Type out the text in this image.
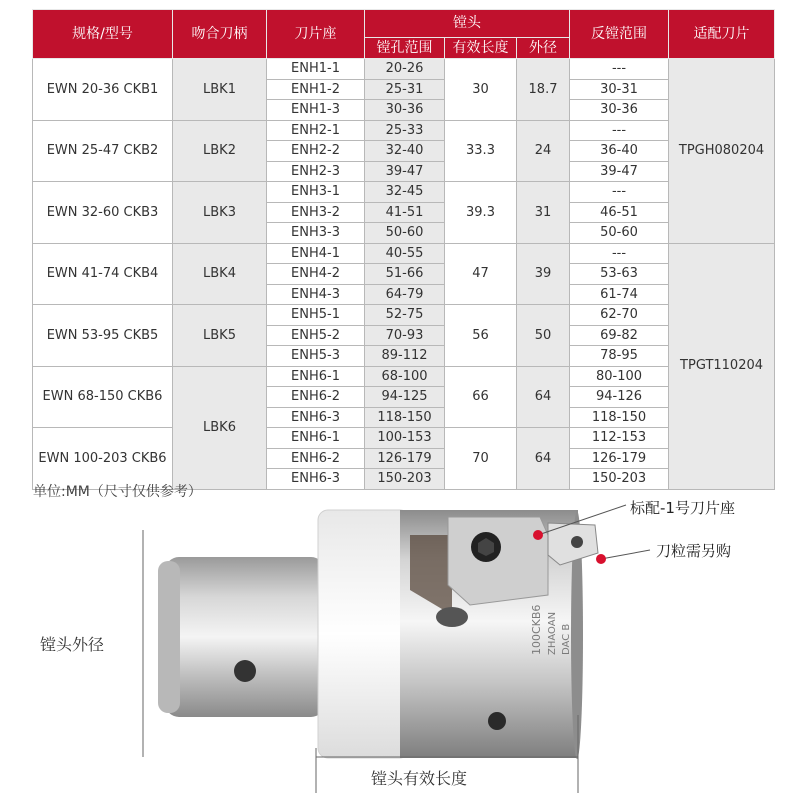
规格/型号	吻合刀柄	刀片座	镗头			反镗范围	适配刀片
			镗孔范围	有效长度	外径		
EWN 20-36 CKB1	LBK1	ENH1-1	20-26	30	18.7	---	TPGH080204
		ENH1-2	25-31			30-31	
		ENH1-3	30-36			30-36	
EWN 25-47 CKB2	LBK2	ENH2-1	25-33	33.3	24	---	
		ENH2-2	32-40			36-40	
		ENH2-3	39-47			39-47	
EWN 32-60 CKB3	LBK3	ENH3-1	32-45	39.3	31	---	
		ENH3-2	41-51			46-51	
		ENH3-3	50-60			50-60	
EWN 41-74 CKB4	LBK4	ENH4-1	40-55	47	39	---	TPGT110204
		ENH4-2	51-66			53-63	
		ENH4-3	64-79			61-74	
EWN 53-95 CKB5	LBK5	ENH5-1	52-75	56	50	62-70	
		ENH5-2	70-93			69-82	
		ENH5-3	89-112			78-95	
EWN 68-150 CKB6	LBK6	ENH6-1	68-100	66	64	80-100	
		ENH6-2	94-125			94-126	
		ENH6-3	118-150			118-150	
EWN 100-203 CKB6		ENH6-1	100-153	70	64	112-153	
		ENH6-2	126-179			126-179	
		ENH6-3	150-203			150-203	
单位:MM（尺寸仅供参考）
100CKB6 ZHAOAN DAC B
标配-1号刀片座
刀粒需另购
镗头外径
镗头有效长度
